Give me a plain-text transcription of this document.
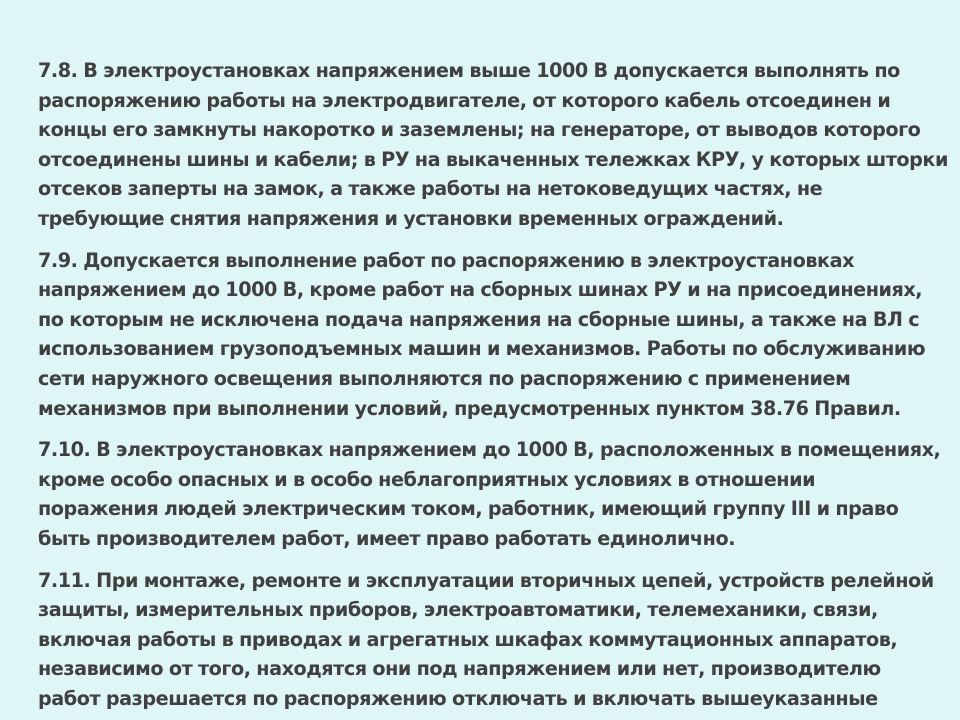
7.8. В электроустановках напряжением выше 1000 В допускается выполнять по
распоряжению работы на электродвигателе, от которого кабель отсоединен и
концы его замкнуты накоротко и заземлены; на генераторе, от выводов которого
отсоединены шины и кабели; в РУ на выкаченных тележках КРУ, у которых шторки
отсеков заперты на замок, а также работы на нетоковедущих частях, не
требующие снятия напряжения и установки временных ограждений.
7.9. Допускается выполнение работ по распоряжению в электроустановках
напряжением до 1000 В, кроме работ на сборных шинах РУ и на присоединениях,
по которым не исключена подача напряжения на сборные шины, а также на ВЛ с
использованием грузоподъемных машин и механизмов. Работы по обслуживанию
сети наружного освещения выполняются по распоряжению с применением
механизмов при выполнении условий, предусмотренных пунктом 38.76 Правил.
7.10. В электроустановках напряжением до 1000 В, расположенных в помещениях,
кроме особо опасных и в особо неблагоприятных условиях в отношении
поражения людей электрическим током, работник, имеющий группу III и право
быть производителем работ, имеет право работать единолично.
7.11. При монтаже, ремонте и эксплуатации вторичных цепей, устройств релейной
защиты, измерительных приборов, электроавтоматики, телемеханики, связи,
включая работы в приводах и агрегатных шкафах коммутационных аппаратов,
независимо от того, находятся они под напряжением или нет, производителю
работ разрешается по распоряжению отключать и включать вышеуказанные
